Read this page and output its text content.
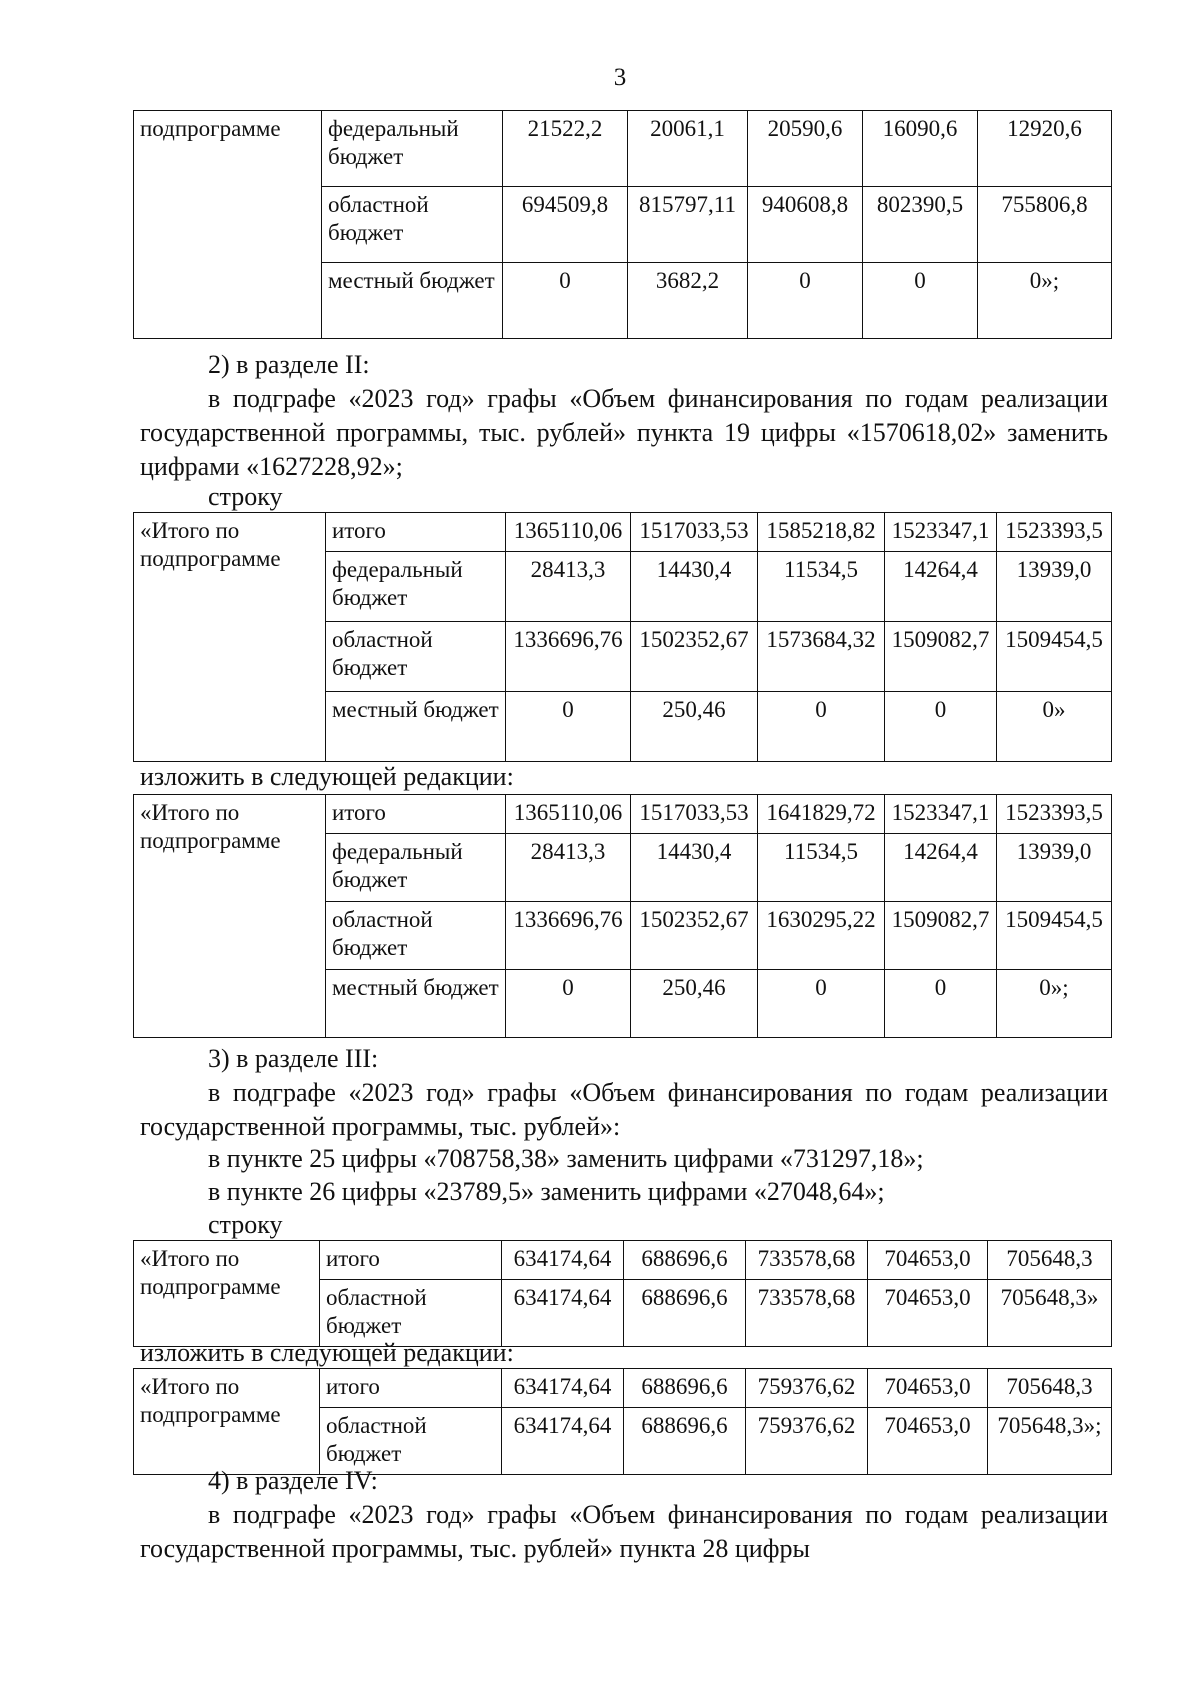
3
подпрограмме	федеральный бюджет	21522,2	20061,1	20590,6	16090,6	12920,6
	областной бюджет	694509,8	815797,11	940608,8	802390,5	755806,8
	местный бюджет	0	3682,2	0	0	0»;

2) в разделе II:

в подграфе «2023 год» графы «Объем финансирования по годам реализации государственной программы, тыс. рублей» пункта 19 цифры «1570618,02» заменить цифрами «1627228,92»;

строку

«Итого по подпрограмме	итого	1365110,06	1517033,53	1585218,82	1523347,1	1523393,5
	федеральный бюджет	28413,3	14430,4	11534,5	14264,4	13939,0
	областной бюджет	1336696,76	1502352,67	1573684,32	1509082,7	1509454,5
	местный бюджет	0	250,46	0	0	0»

изложить в следующей редакции:

«Итого по подпрограмме	итого	1365110,06	1517033,53	1641829,72	1523347,1	1523393,5
	федеральный бюджет	28413,3	14430,4	11534,5	14264,4	13939,0
	областной бюджет	1336696,76	1502352,67	1630295,22	1509082,7	1509454,5
	местный бюджет	0	250,46	0	0	0»;

3) в разделе III:

в подграфе «2023 год» графы «Объем финансирования по годам реализации государственной программы, тыс. рублей»:

в пункте 25 цифры «708758,38» заменить цифрами «731297,18»;

в пункте 26 цифры «23789,5» заменить цифрами «27048,64»;

строку

«Итого по подпрограмме	итого	634174,64	688696,6	733578,68	704653,0	705648,3
	областной бюджет	634174,64	688696,6	733578,68	704653,0	705648,3»

изложить в следующей редакции:

«Итого по подпрограмме	итого	634174,64	688696,6	759376,62	704653,0	705648,3
	областной бюджет	634174,64	688696,6	759376,62	704653,0	705648,3»;

4) в разделе IV:

в подграфе «2023 год» графы «Объем финансирования по годам реализации государственной программы, тыс. рублей» пункта 28 цифры
